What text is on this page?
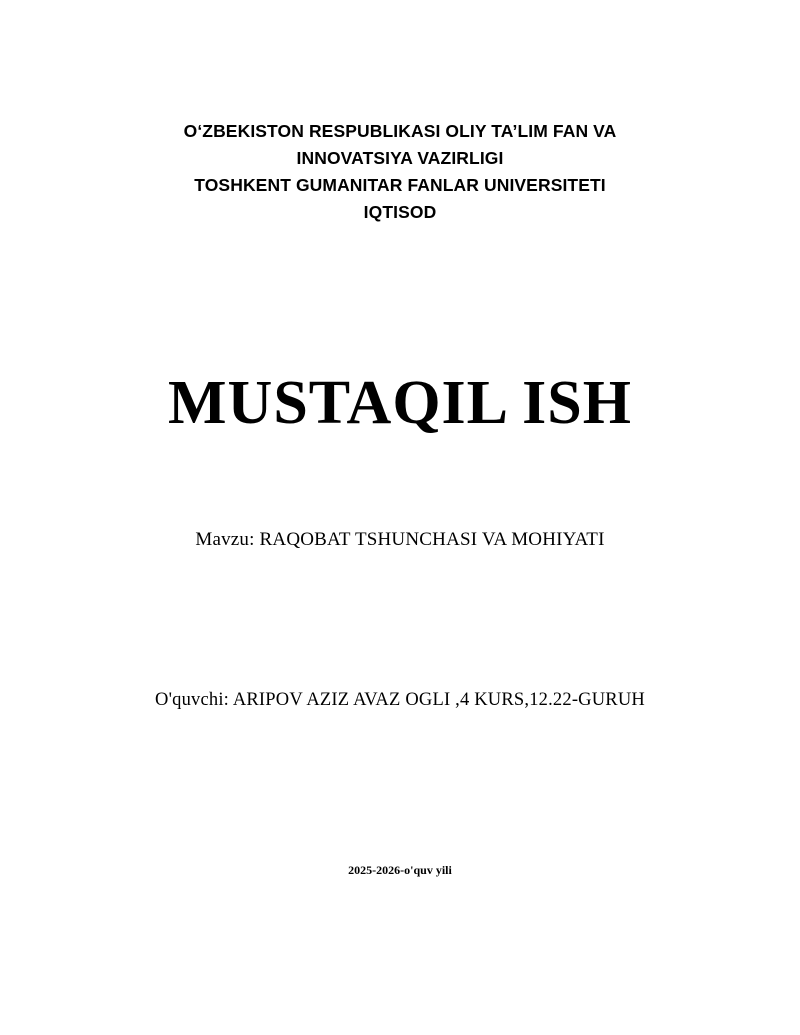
O‘ZBEKISTON RESPUBLIKASI OLIY TA’LIM FAN VA
INNOVATSIYA VAZIRLIGI
TOSHKENT GUMANITAR FANLAR UNIVERSITETI
IQTISOD
MUSTAQIL ISH
Mavzu: RAQOBAT TSHUNCHASI VA MOHIYATI
O'quvchi: ARIPOV AZIZ AVAZ OGLI ,4 KURS,12.22-GURUH
2025-2026-o'quv yili
